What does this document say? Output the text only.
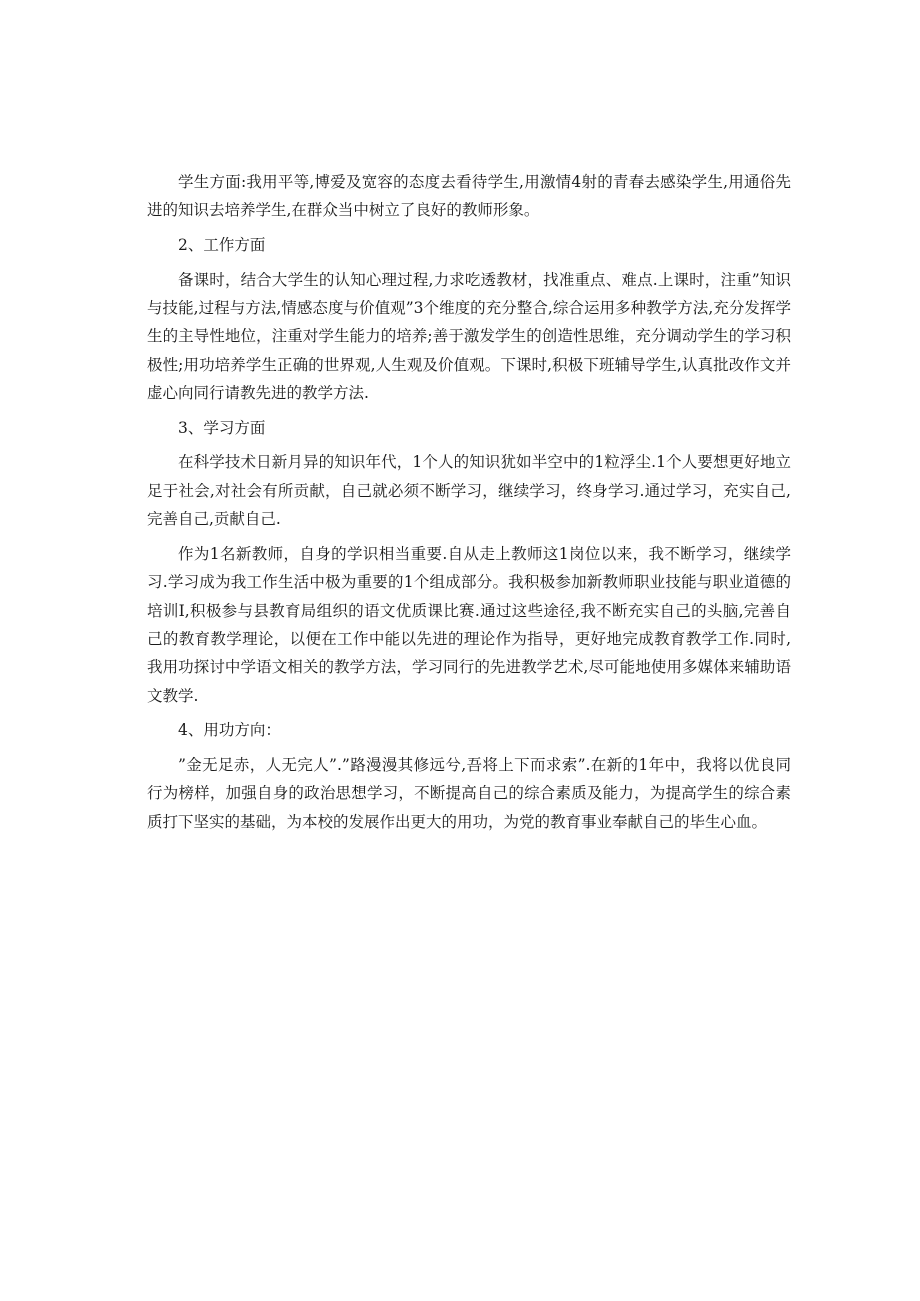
学生方面:我用平等,博爱及宽容的态度去看待学生,用激情4射的青春去感染学生,用通俗先进的知识去培养学生,在群众当中树立了良好的教师形象。

2、工作方面

备课时，结合大学生的认知心理过程,力求吃透教材，找准重点、难点.上课时，注重”知识与技能,过程与方法,情感态度与价值观”3个维度的充分整合,综合运用多种教学方法,充分发挥学生的主导性地位，注重对学生能力的培养;善于激发学生的创造性思维，充分调动学生的学习积极性;用功培养学生正确的世界观,人生观及价值观。下课时,积极下班辅导学生,认真批改作文并虚心向同行请教先进的教学方法.

3、学习方面

在科学技术日新月异的知识年代，1个人的知识犹如半空中的1粒浮尘.1个人要想更好地立足于社会,对社会有所贡献，自己就必须不断学习，继续学习，终身学习.通过学习，充实自己,完善自己,贡献自己.

作为1名新教师，自身的学识相当重要.自从走上教师这1岗位以来，我不断学习，继续学习.学习成为我工作生活中极为重要的1个组成部分。我积极参加新教师职业技能与职业道德的培训I,积极参与县教育局组织的语文优质课比赛.通过这些途径,我不断充实自己的头脑,完善自己的教育教学理论，以便在工作中能以先进的理论作为指导，更好地完成教育教学工作.同时,我用功探讨中学语文相关的教学方法，学习同行的先进教学艺术,尽可能地使用多媒体来辅助语文教学.

4、用功方向：

”金无足赤，人无完人”.”路漫漫其修远兮,吾将上下而求索”.在新的1年中，我将以优良同行为榜样，加强自身的政治思想学习，不断提高自己的综合素质及能力，为提高学生的综合素质打下坚实的基础，为本校的发展作出更大的用功，为党的教育事业奉献自己的毕生心血。
